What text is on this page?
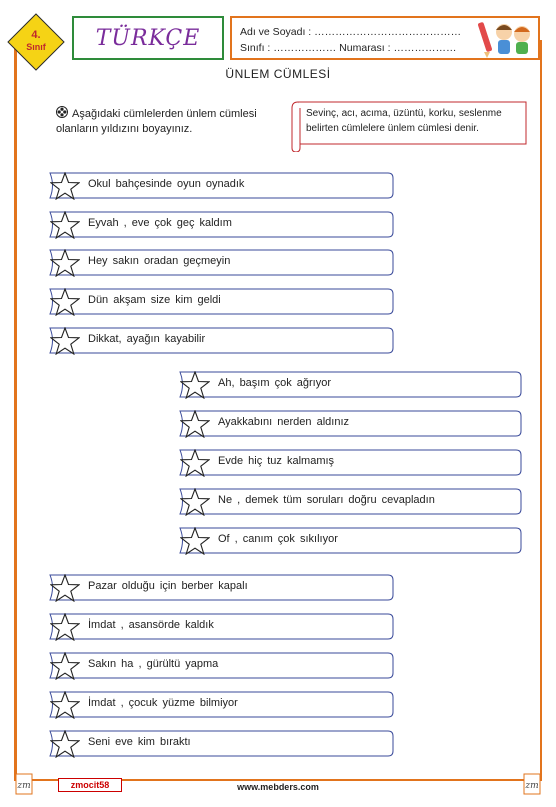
4.
Sınıf TÜRKÇE	Adı ve Soyadı : ……………………………………
Sınıfı : ……………… Numarası : ………………
ÜNLEM CÜMLESİ
Aşağıdaki cümlelerden ünlem cümlesi olanların yıldızını boyayınız.
Sevinç, acı, acıma, üzüntü, korku, seslenme belirten cümlelere ünlem cümlesi denir.
Okul bahçesinde oyun oynadık
Eyvah , eve çok geç kaldım
Hey sakın oradan geçmeyin
Dün akşam size kim geldi
Dikkat, ayağın kayabilir
Ah, başım çok ağrıyor
Ayakkabını nerden aldınız
Evde hiç tuz kalmamış
Ne , demek tüm soruları doğru cevapladın
Of , canım çok sıkılıyor
Pazar olduğu için berber kapalı
İmdat , asansörde kaldık
Sakın ha , gürültü yapma
İmdat , çocuk yüzme bilmiyor
Seni eve kim bıraktı
zm	zm
zmocit58	www.mebders.com
